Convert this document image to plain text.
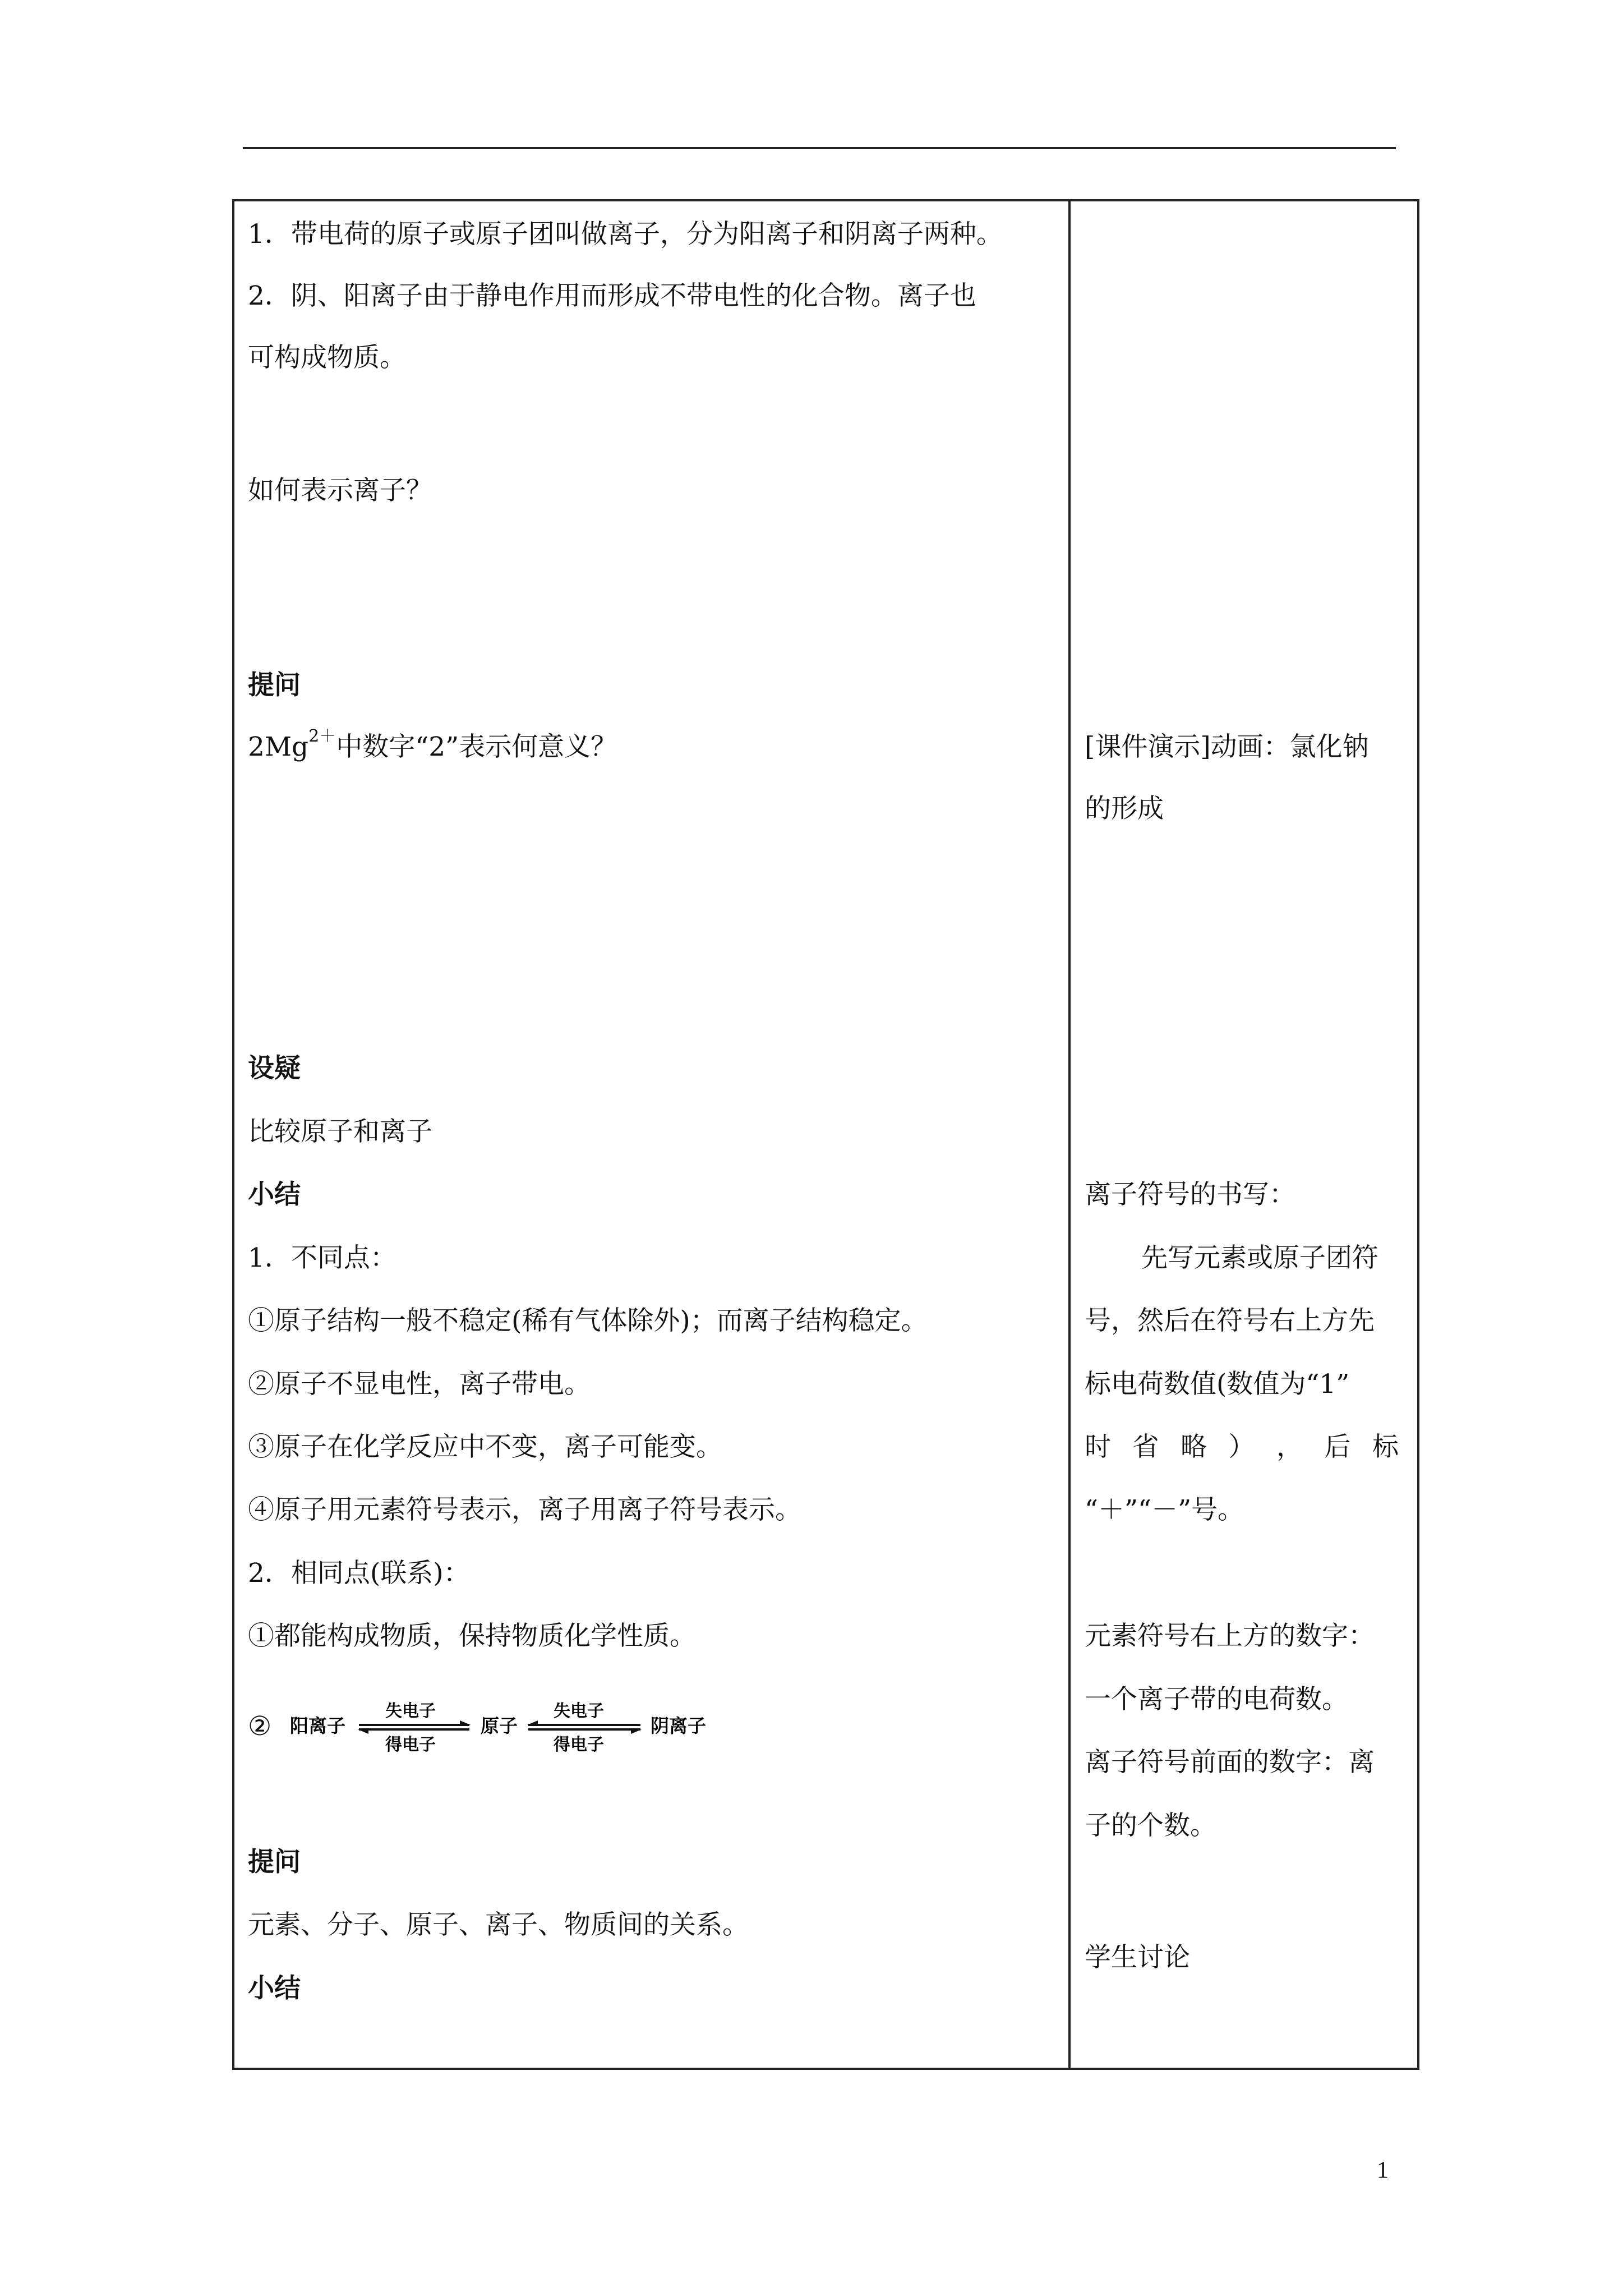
1．带电荷的原子或原子团叫做离子，分为阳离子和阴离子两种。
2．阴、阳离子由于静电作用而形成不带电性的化合物。离子也
可构成物质。
如何表示离子？
提问
$2Mg^{2+}$中数字“2”表示何意义？
设疑
比较原子和离子
小结
1．不同点：
①原子结构一般不稳定(稀有气体除外)；而离子结构稳定。
②原子不显电性，离子带电。
③原子在化学反应中不变，离子可能变。
④原子用元素符号表示，离子用离子符号表示。
2．相同点(联系)：
①都能构成物质，保持物质化学性质。
② 阳离子
失电子
得电子
原子
失电子
得电子
阴离子
提问
元素、分子、原子、离子、物质间的关系。
小结
[课件演示]动画：氯化钠
的形成
离子符号的书写：
先写元素或原子团符
号，然后在符号右上方先
标电荷数值(数值为“1”
时 省 略 ） ， 后 标
“＋”“－”号。
元素符号右上方的数字：
一个离子带的电荷数。
离子符号前面的数字：离
子的个数。
学生讨论
1
